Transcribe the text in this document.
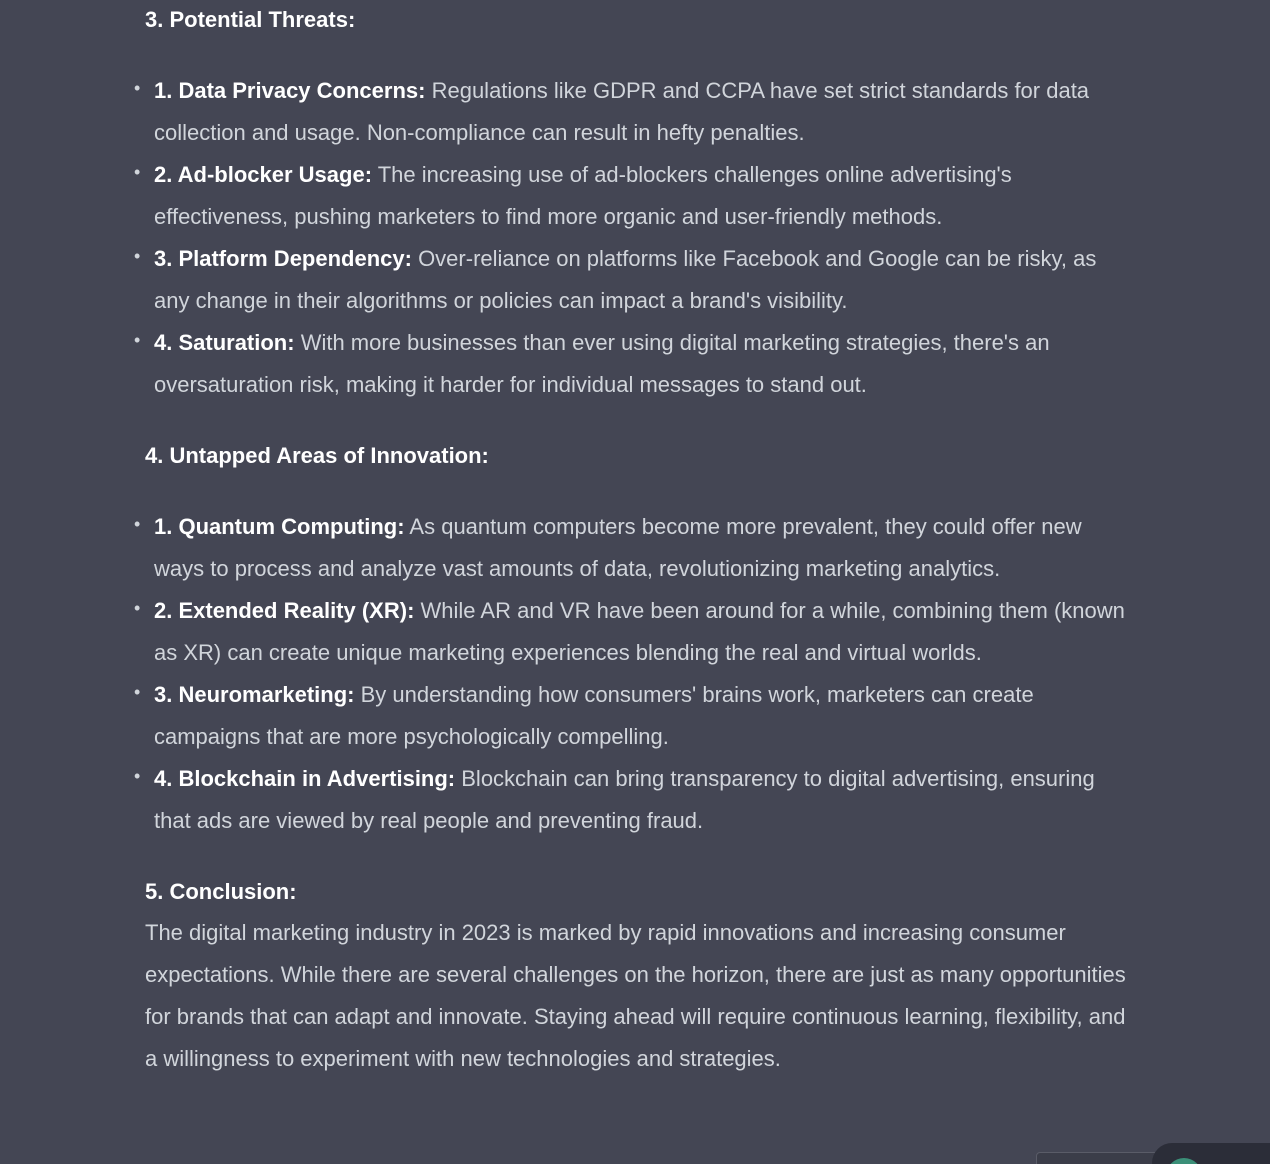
3. Potential Threats:

• 1. Data Privacy Concerns: Regulations like GDPR and CCPA have set strict standards for data collection and usage. Non-compliance can result in hefty penalties.
• 2. Ad-blocker Usage: The increasing use of ad-blockers challenges online advertising's effectiveness, pushing marketers to find more organic and user-friendly methods.
• 3. Platform Dependency: Over-reliance on platforms like Facebook and Google can be risky, as any change in their algorithms or policies can impact a brand's visibility.
• 4. Saturation: With more businesses than ever using digital marketing strategies, there's an oversaturation risk, making it harder for individual messages to stand out.

4. Untapped Areas of Innovation:

• 1. Quantum Computing: As quantum computers become more prevalent, they could offer new ways to process and analyze vast amounts of data, revolutionizing marketing analytics.
• 2. Extended Reality (XR): While AR and VR have been around for a while, combining them (known as XR) can create unique marketing experiences blending the real and virtual worlds.
• 3. Neuromarketing: By understanding how consumers' brains work, marketers can create campaigns that are more psychologically compelling.
• 4. Blockchain in Advertising: Blockchain can bring transparency to digital advertising, ensuring that ads are viewed by real people and preventing fraud.

5. Conclusion:

The digital marketing industry in 2023 is marked by rapid innovations and increasing consumer expectations. While there are several challenges on the horizon, there are just as many opportunities for brands that can adapt and innovate. Staying ahead will require continuous learning, flexibility, and a willingness to experiment with new technologies and strategies.
